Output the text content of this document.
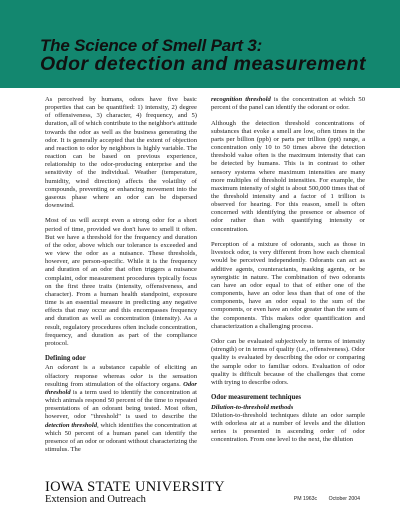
The Science of Smell Part 3:
Odor detection and measurement

As perceived by humans, odors have five basic properties that can be quantified: 1) intensity, 2) degree of offensiveness, 3) character, 4) frequency, and 5) duration, all of which contribute to the neighbor's attitude towards the odor as well as the business generating the odor. It is generally accepted that the extent of objection and reaction to odor by neighbors is highly variable. The reaction can be based on previous experience, relationship to the odor-producing enterprise and the sensitivity of the individual. Weather (temperature, humidity, wind direction) affects the volatility of compounds, preventing or enhancing movement into the gaseous phase where an odor can be dispersed downwind.

Most of us will accept even a strong odor for a short period of time, provided we don't have to smell it often. But we have a threshold for the frequency and duration of the odor, above which our tolerance is exceeded and we view the odor as a nuisance. These thresholds, however, are person-specific. While it is the frequency and duration of an odor that often triggers a nuisance complaint, odor measurement procedures typically focus on the first three traits (intensity, offensiveness, and character). From a human health standpoint, exposure time is an essential measure in predicting any negative effects that may occur and this encompasses frequency and duration as well as concentration (intensity). As a result, regulatory procedures often include concentration, frequency, and duration as part of the compliance protocol.

Defining odor

An odorant is a substance capable of eliciting an olfactory response whereas odor is the sensation resulting from stimulation of the olfactory organs. Odor threshold is a term used to identify the concentration at which animals respond 50 percent of the time to repeated presentations of an odorant being tested. Most often, however, odor "threshold" is used to describe the detection threshold, which identifies the concentration at which 50 percent of a human panel can identify the presence of an odor or odorant without characterizing the stimulus. The

recognition threshold is the concentration at which 50 percent of the panel can identify the odorant or odor.

Although the detection threshold concentrations of substances that evoke a smell are low, often times in the parts per billion (ppb) or parts per trillion (ppt) range, a concentration only 10 to 50 times above the detection threshold value often is the maximum intensity that can be detected by humans. This is in contrast to other sensory systems where maximum intensities are many more multiples of threshold intensities. For example, the maximum intensity of sight is about 500,000 times that of the threshold intensity and a factor of 1 trillion is observed for hearing. For this reason, smell is often concerned with identifying the presence or absence of odor rather than with quantifying intensity or concentration.

Perception of a mixture of odorants, such as those in livestock odor, is very different from how each chemical would be perceived independently. Odorants can act as additive agents, counteractants, masking agents, or be synergistic in nature. The combination of two odorants can have an odor equal to that of either one of the components, have an odor less than that of one of the components, have an odor equal to the sum of the components, or even have an odor greater than the sum of the components. This makes odor quantification and characterization a challenging process.

Odor can be evaluated subjectively in terms of intensity (strength) or in terms of quality (i.e., offensiveness). Odor quality is evaluated by describing the odor or comparing the sample odor to familiar odors. Evaluation of odor quality is difficult because of the challenges that come with trying to describe odors.

Odor measurement techniques
Dilution-to-threshold methods

Dilution-to-threshold techniques dilute an odor sample with odorless air at a number of levels and the dilution series is presented in ascending order of odor concentration. From one level to the next, the dilution

IOWA STATE UNIVERSITY
Extension and Outreach	PM 1963c October 2004
